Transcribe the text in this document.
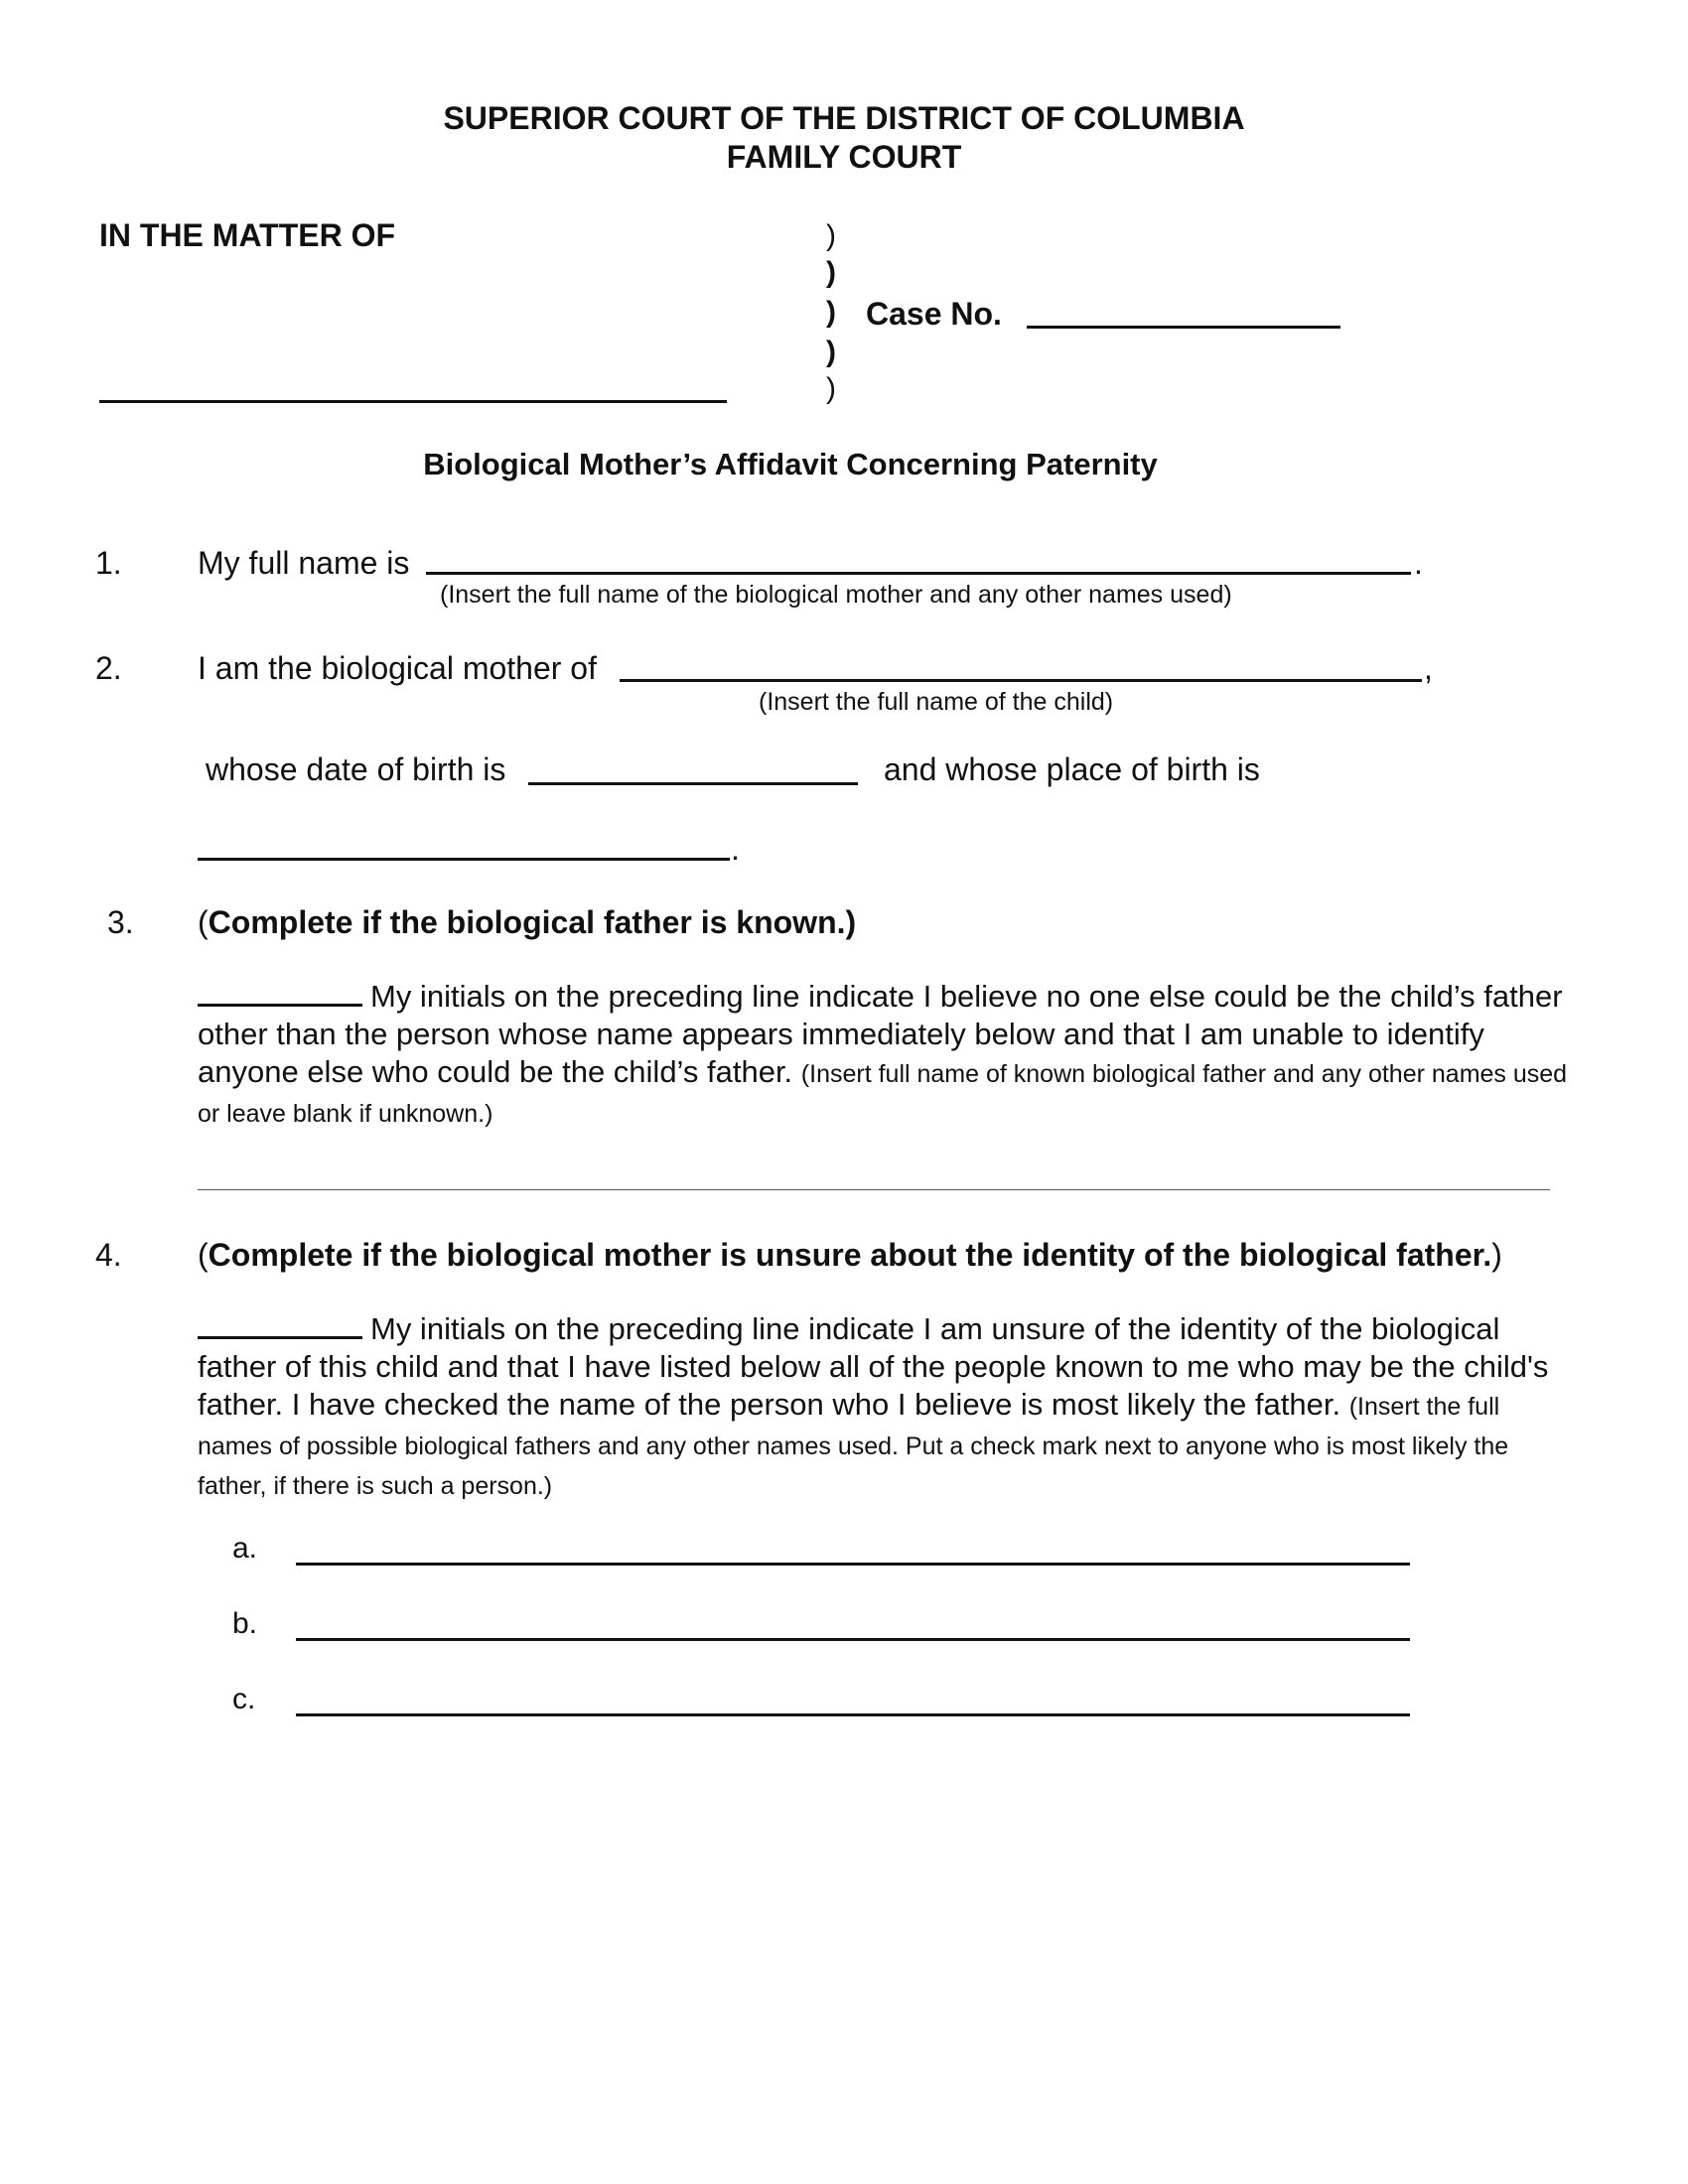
SUPERIOR COURT OF THE DISTRICT OF COLUMBIA
FAMILY COURT
IN THE MATTER OF	)
)
)
)
)
Case No.
Biological Mother’s Affidavit Concerning Paternity
1. My full name is	.
(Insert the full name of the biological mother and any other names used)
2. I am the biological mother of	,
(Insert the full name of the child)
whose date of birth is	and whose place of birth is
.
3. (Complete if the biological father is known.)
My initials on the preceding line indicate I believe no one else could be the child’s father other than the person whose name appears immediately below and that I am unable to identify anyone else who could be the child’s father. (Insert full name of known biological father and any other names used or leave blank if unknown.)
4. (Complete if the biological mother is unsure about the identity of the biological father.)
My initials on the preceding line indicate I am unsure of the identity of the biological father of this child and that I have listed below all of the people known to me who may be the child's father. I have checked the name of the person who I believe is most likely the father. (Insert the full names of possible biological fathers and any other names used. Put a check mark next to anyone who is most likely the father, if there is such a person.)
a.
b.
c.
